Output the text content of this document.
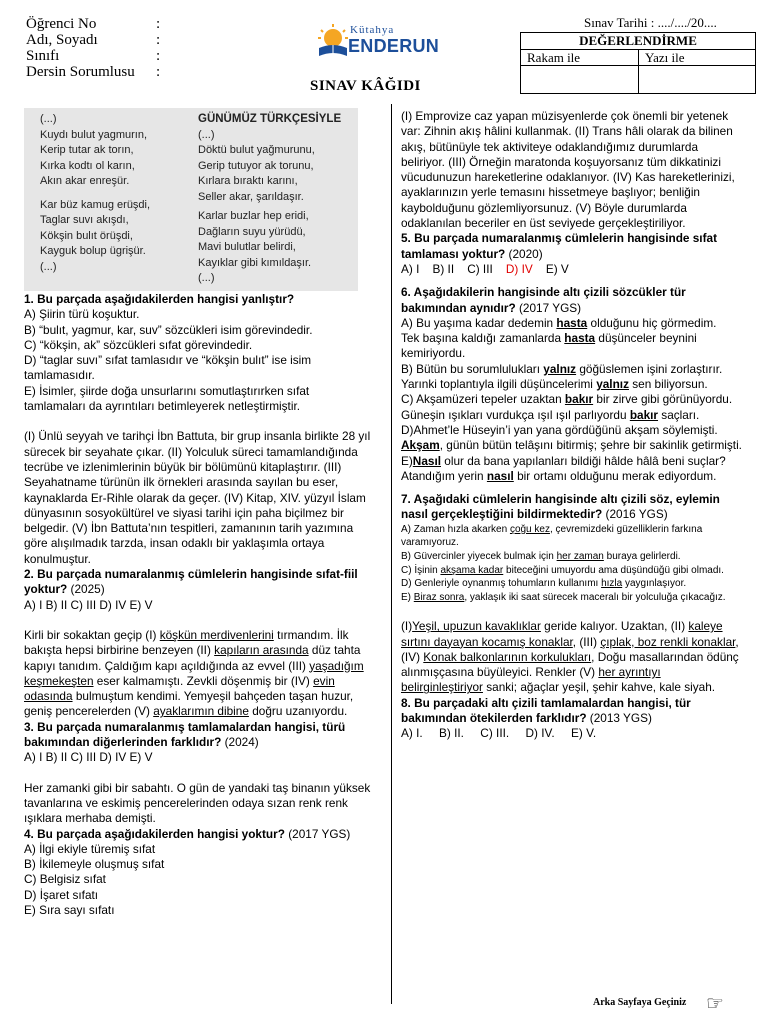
Öğrenci No	:
Adı, Soyadı	:
Sınıfı	:
Dersin Sorumlusu	:
Kütahya
ENDERUN
SINAV KÂĞIDI
Sınav Tarihi : ..../..../20....
DEĞERLENDİRME
Rakam ile	Yazı ile
(...)
Kuydı bulut yagmurın,
Kerip tutar ak torın,
Kırka kodtı ol karın,
Akın akar enreşür.
Kar büz kamug erüşdi,
Taglar suvı akışdı,
Kökşin bulıt örüşdi,
Kayguk bolup ügrişür.
(...)
GÜNÜMÜZ TÜRKÇESİYLE
(...)
Döktü bulut yağmurunu,
Gerip tutuyor ak torunu,
Kırlara bıraktı karını,
Seller akar, şarıldaşır.
Karlar buzlar hep eridi,
Dağların suyu yürüdü,
Mavi bulutlar belirdi,
Kayıklar gibi kımıldaşır.
(...)

1. Bu parçada aşağıdakilerden hangisi yanlıştır?

A) Şiirin türü koşuktur.

B) “bulıt, yagmur, kar, suv” sözcükleri isim görevindedir.

C) “kökşin, ak” sözcükleri sıfat görevindedir.

D) “taglar suvı” sıfat tamlasıdır ve “kökşin bulıt” ise isim tamlamasıdır.

E) İsimler, şiirde doğa unsurlarını somutlaştırırken sıfat tamlamaları da ayrıntıları betimleyerek netleştirmiştir.

(I) Ünlü seyyah ve tarihçi İbn Battuta, bir grup insanla birlikte 28 yıl sürecek bir seyahate çıkar. (II) Yolculuk süreci tamamlandığında tecrübe ve izlenimlerinin büyük bir bölümünü kitaplaştırır. (III) Seyahatname türünün ilk örnekleri arasında sayılan bu eser, kaynaklarda Er-Rihle olarak da geçer. (IV) Kitap, XIV. yüzyıl İslam dünyasının sosyokültürel ve siyasi tarihi için paha biçilmez bir belgedir. (V) İbn Battuta’nın tespitleri, zamanının tarih yazımına göre alışılmadık tarzda, insan odaklı bir yaklaşımla ortaya konulmuştur.

2. Bu parçada numaralanmış cümlelerin hangisinde sıfat-fiil yoktur? (2025)

A) I B) II C) III D) IV E) V

Kirli bir sokaktan geçip (I) köşkün merdivenlerini tırmandım. İlk bakışta hepsi birbirine benzeyen (II) kapıların arasında düz tahta kapıyı tanıdım. Çaldığım kapı açıldığında az evvel (III) yaşadığım keşmekeşten eser kalmamıştı. Zevkli döşenmiş bir (IV) evin odasında bulmuştum kendimi. Yemyeşil bahçeden taşan huzur, geniş pencerelerden (V) ayaklarımın dibine doğru uzanıyordu.

3. Bu parçada numaralanmış tamlamalardan hangisi, türü bakımından diğerlerinden farklıdır? (2024)

A) I B) II C) III D) IV E) V

Her zamanki gibi bir sabahtı. O gün de yandaki taş binanın yüksek tavanlarına ve eskimiş pencerelerinden odaya sızan renk renk ışıklara merhaba demişti.

4. Bu parçada aşağıdakilerden hangisi yoktur? (2017 YGS)

A) İlgi ekiyle türemiş sıfat

B) İkilemeyle oluşmuş sıfat

C) Belgisiz sıfat

D) İşaret sıfatı

E) Sıra sayı sıfatı

(I) Emprovize caz yapan müzisyenlerde çok önemli bir yetenek var: Zihnin akış hâlini kullanmak. (II) Trans hâli olarak da bilinen akış, bütünüyle tek aktiviteye odaklandığımız durumlarda beliriyor. (III) Örneğin maratonda koşuyorsanız tüm dikkatinizi vücudunuzun hareketlerine odaklanıyor. (IV) Kas hareketlerinizi, ayaklarınızın yerle temasını hissetmeye başlıyor; benliğin kaybolduğunu gözlemliyorsunuz. (V) Böyle durumlarda odaklanılan beceriler en üst seviyede gerçekleştiriliyor.

5. Bu parçada numaralanmış cümlelerin hangisinde sıfat tamlaması yoktur? (2020)

A) I    B) II    C) III    D) IV    E) V

6. Aşağıdakilerin hangisinde altı çizili sözcükler tür bakımından aynıdır? (2017 YGS)

A) Bu yaşıma kadar dedemin hasta olduğunu hiç görmedim.

Tek başına kaldığı zamanlarda hasta düşünceler beynini kemiriyordu.

B) Bütün bu sorumlulukları yalnız göğüslemen işini zorlaştırır.

Yarınki toplantıyla ilgili düşüncelerimi yalnız sen biliyorsun.

C) Akşamüzeri tepeler uzaktan bakır bir zirve gibi görünüyordu.

Güneşin ışıkları vurdukça ışıl ışıl parlıyordu bakır saçları.

D)Ahmet’le Hüseyin’i yan yana gördüğünü akşam söylemişti.

Akşam, günün bütün telâşını bitirmiş; şehre bir sakinlik getirmişti.

E)Nasıl olur da bana yapılanları bildiği hâlde hâlâ beni suçlar?

Atandığım yerin nasıl bir ortamı olduğunu merak ediyordum.

7. Aşağıdaki cümlelerin hangisinde altı çizili söz, eylemin nasıl gerçekleştiğini bildirmektedir? (2016 YGS)

A) Zaman hızla akarken çoğu kez, çevremizdeki güzelliklerin farkına varamıyoruz.

B) Güvercinler yiyecek bulmak için her zaman buraya gelirlerdi.

C) İşinin akşama kadar biteceğini umuyordu ama düşündüğü gibi olmadı.

D) Genleriyle oynanmış tohumların kullanımı hızla yaygınlaşıyor.

E) Biraz sonra, yaklaşık iki saat sürecek maceralı bir yolculuğa çıkacağız.

(I)Yeşil, upuzun kavaklıklar geride kalıyor. Uzaktan, (II) kaleye sırtını dayayan kocamış konaklar, (III) çıplak, boz renkli konaklar, (IV) Konak balkonlarının korkulukları, Doğu masallarından ödünç alınmışçasına büyüleyici. Renkler (V) her ayrıntıyı belirginleştiriyor sanki; ağaçlar yeşil, şehir kahve, kale siyah.

8. Bu parçadaki altı çizili tamlamalardan hangisi, tür bakımından ötekilerden farklıdır? (2013 YGS)

A) I.     B) II.     C) III.     D) IV.     E) V.

Arka Sayfaya Geçiniz ☞
